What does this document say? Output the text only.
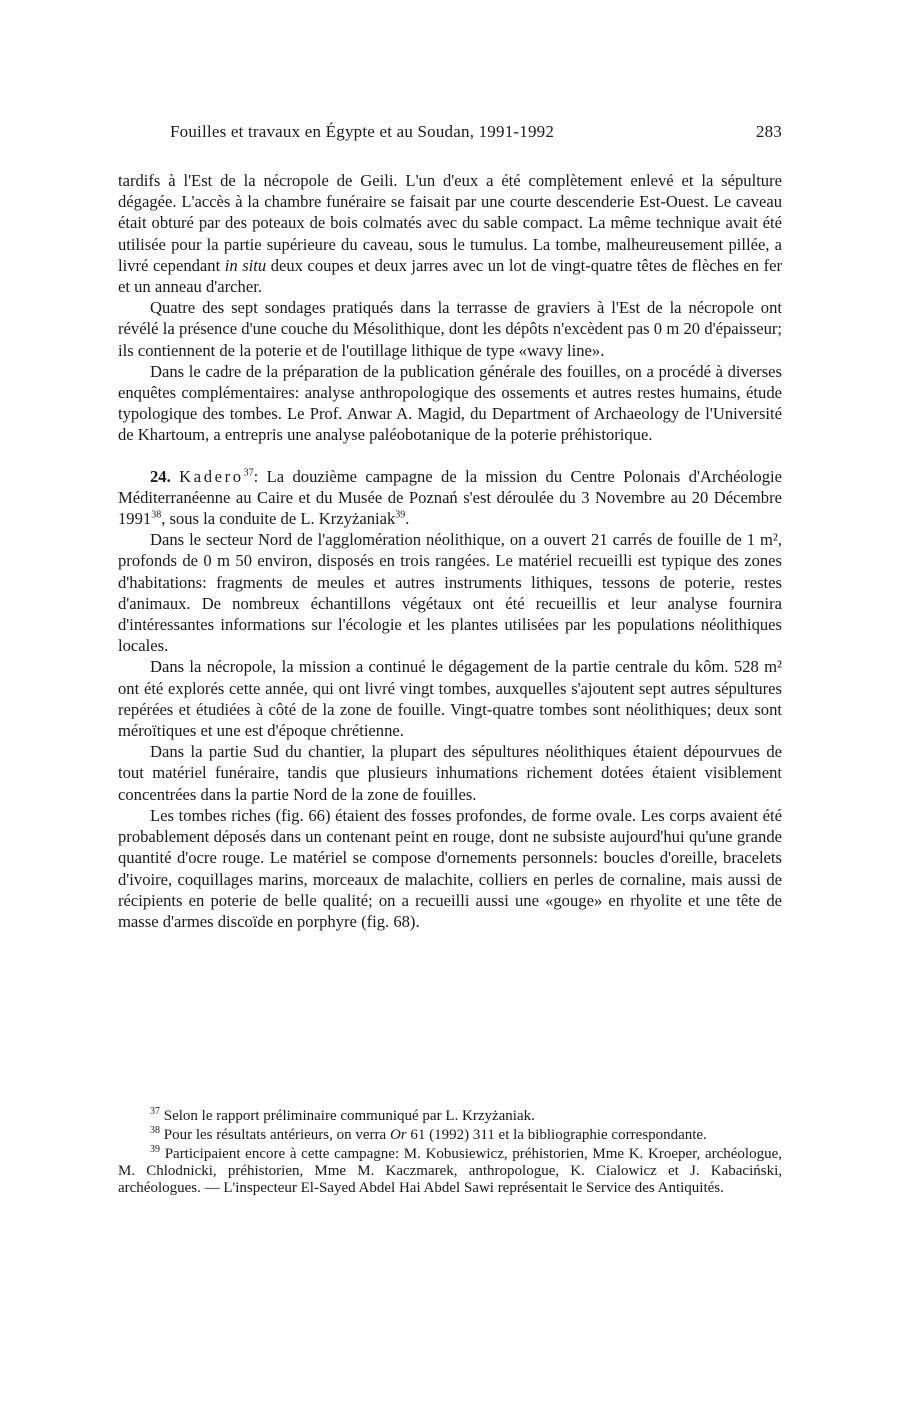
Fouilles et travaux en Égypte et au Soudan, 1991-1992	283

tardifs à l'Est de la nécropole de Geili. L'un d'eux a été complètement enlevé et la sépulture dégagée. L'accès à la chambre funéraire se faisait par une courte descenderie Est-Ouest. Le caveau était obturé par des poteaux de bois colmatés avec du sable compact. La même technique avait été utilisée pour la partie supérieure du caveau, sous le tumulus. La tombe, malheureusement pillée, a livré cependant in situ deux coupes et deux jarres avec un lot de vingt-quatre têtes de flèches en fer et un anneau d'archer.

Quatre des sept sondages pratiqués dans la terrasse de graviers à l'Est de la nécropole ont révélé la présence d'une couche du Mésolithique, dont les dépôts n'excèdent pas 0 m 20 d'épaisseur; ils contiennent de la poterie et de l'outillage lithique de type «wavy line».

Dans le cadre de la préparation de la publication générale des fouilles, on a procédé à diverses enquêtes complémentaires: analyse anthropologique des ossements et autres restes humains, étude typologique des tombes. Le Prof. Anwar A. Magid, du Department of Archaeology de l'Université de Khartoum, a entrepris une analyse paléobotanique de la poterie préhistorique.

24. Kadero$^{37}$: La douzième campagne de la mission du Centre Polonais d'Archéologie Méditerranéenne au Caire et du Musée de Poznań s'est déroulée du 3 Novembre au 20 Décembre 1991$^{38}$, sous la conduite de L. Krzyżaniak$^{39}$.

Dans le secteur Nord de l'agglomération néolithique, on a ouvert 21 carrés de fouille de 1 m², profonds de 0 m 50 environ, disposés en trois rangées. Le matériel recueilli est typique des zones d'habitations: fragments de meules et autres instruments lithiques, tessons de poterie, restes d'animaux. De nombreux échantillons végétaux ont été recueillis et leur analyse fournira d'intéressantes informations sur l'écologie et les plantes utilisées par les populations néolithiques locales.

Dans la nécropole, la mission a continué le dégagement de la partie centrale du kôm. 528 m² ont été explorés cette année, qui ont livré vingt tombes, auxquelles s'ajoutent sept autres sépultures repérées et étudiées à côté de la zone de fouille. Vingt-quatre tombes sont néolithiques; deux sont méroïtiques et une est d'époque chrétienne.

Dans la partie Sud du chantier, la plupart des sépultures néolithiques étaient dépourvues de tout matériel funéraire, tandis que plusieurs inhumations richement dotées étaient visiblement concentrées dans la partie Nord de la zone de fouilles.

Les tombes riches (fig. 66) étaient des fosses profondes, de forme ovale. Les corps avaient été probablement déposés dans un contenant peint en rouge, dont ne subsiste aujourd'hui qu'une grande quantité d'ocre rouge. Le matériel se compose d'ornements personnels: boucles d'oreille, bracelets d'ivoire, coquillages marins, morceaux de malachite, colliers en perles de cornaline, mais aussi de récipients en poterie de belle qualité; on a recueilli aussi une «gouge» en rhyolite et une tête de masse d'armes discoïde en porphyre (fig. 68).

$^{37}$ Selon le rapport préliminaire communiqué par L. Krzyżaniak.

$^{38}$ Pour les résultats antérieurs, on verra Or 61 (1992) 311 et la bibliographie correspondante.

$^{39}$ Participaient encore à cette campagne: M. Kobusiewicz, préhistorien, Mme K. Kroeper, archéologue, M. Chlodnicki, préhistorien, Mme M. Kaczmarek, anthropologue, K. Cialowicz et J. Kabaciński, archéologues. — L'inspecteur El-Sayed Abdel Hai Abdel Sawi représentait le Service des Antiquités.
